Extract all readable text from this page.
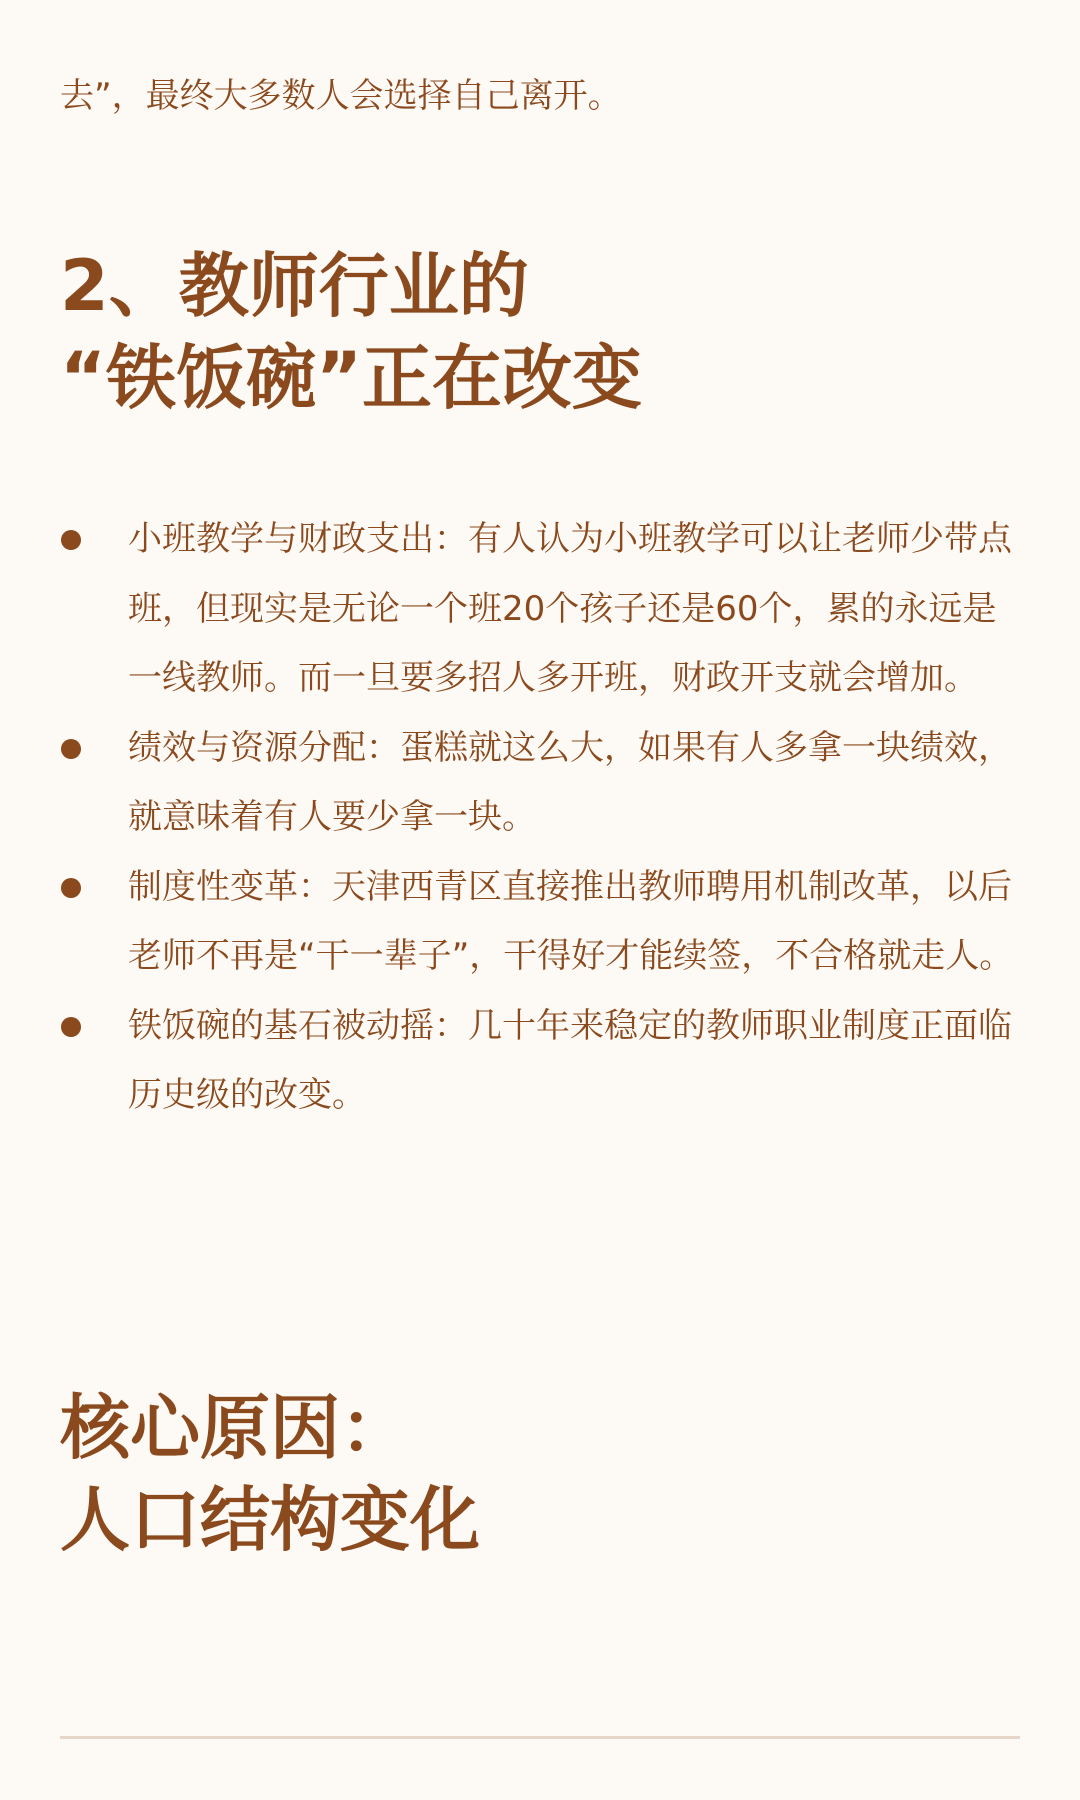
去”，最终大多数人会选择自己离开。

2、教师行业的
“铁饭碗”正在改变
小班教学与财政支出：有人认为小班教学可以让老师少带点班，但现实是无论一个班20个孩子还是60个，累的永远是一线教师。而一旦要多招人多开班，财政开支就会增加。
绩效与资源分配：蛋糕就这么大，如果有人多拿一块绩效，就意味着有人要少拿一块。
制度性变革：天津西青区直接推出教师聘用机制改革，以后老师不再是“干一辈子”，干得好才能续签，不合格就走人。
铁饭碗的基石被动摇：几十年来稳定的教师职业制度正面临历史级的改变。
核心原因：
人口结构变化
